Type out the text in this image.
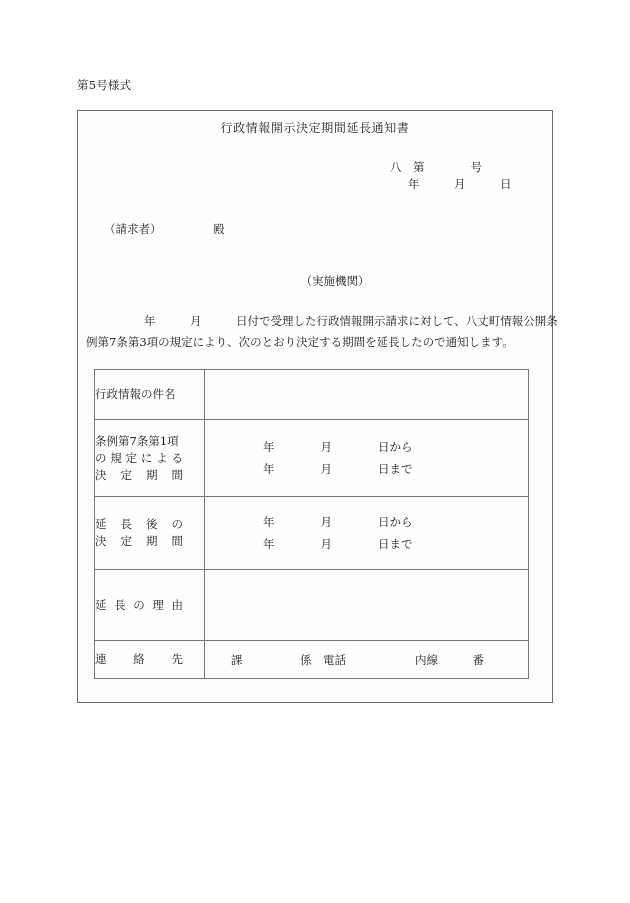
第5号様式
行政情報開示決定期間延長通知書
八　第　　　　号
年　　　月　　　日
（請求者）　　　　　殿
（実施機関）
年　　　月　　　日付で受理した行政情報開示請求に対して、八丈町情報公開条
例第7条第3項の規定により、次のとおり決定する期間を延長したので通知します。
行政情報の件名	

条例第7条第1項
の規定による
決定期間	年　　　　月　　　　日から
年　　　　月　　　　日まで

延長後の
決定期間	年　　　　月　　　　日から
年　　　　月　　　　日まで

延長の理由	

連絡先	課　　　　　係　電話　　　　　　内線　　　番
